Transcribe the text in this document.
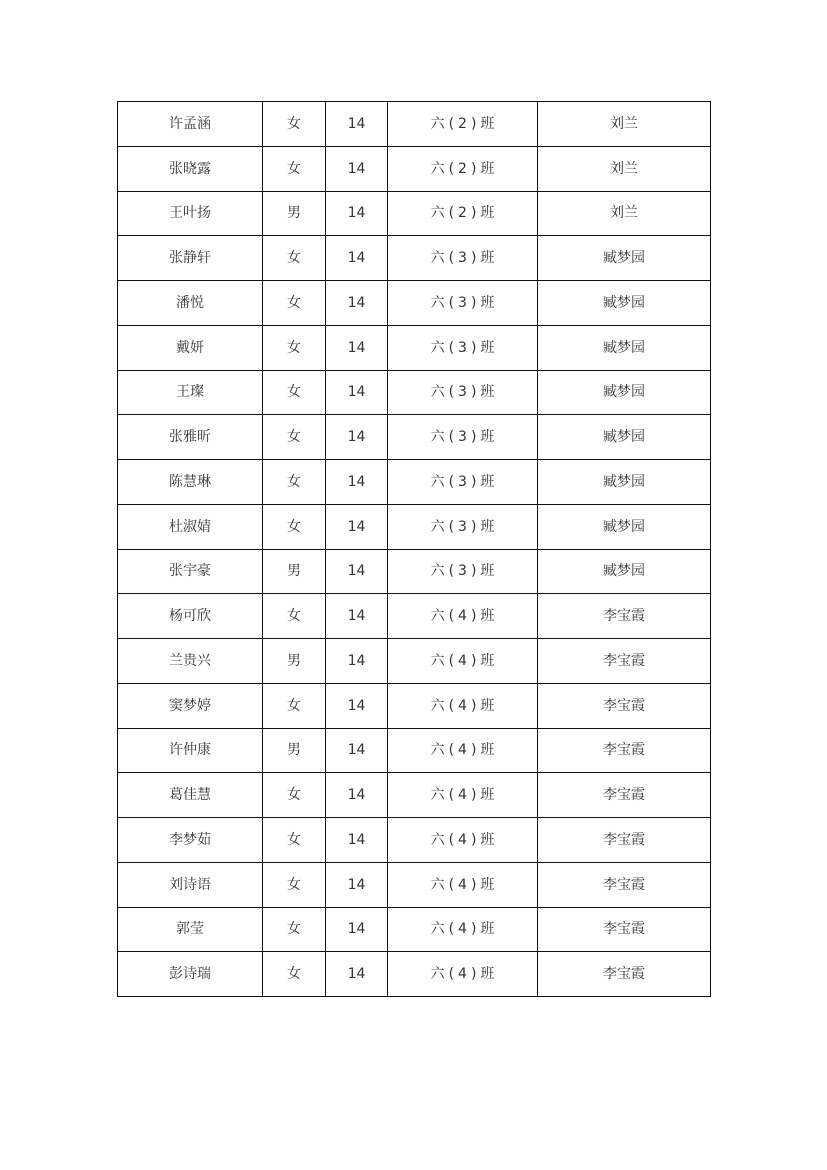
许孟涵	女	14	六 ( 2 ) 班	刘兰
张晓露	女	14	六 ( 2 ) 班	刘兰
王叶扬	男	14	六 ( 2 ) 班	刘兰
张静轩	女	14	六 ( 3 ) 班	臧梦园
潘悦	女	14	六 ( 3 ) 班	臧梦园
戴妍	女	14	六 ( 3 ) 班	臧梦园
王璨	女	14	六 ( 3 ) 班	臧梦园
张雅昕	女	14	六 ( 3 ) 班	臧梦园
陈慧琳	女	14	六 ( 3 ) 班	臧梦园
杜淑婧	女	14	六 ( 3 ) 班	臧梦园
张宇豪	男	14	六 ( 3 ) 班	臧梦园
杨可欣	女	14	六 ( 4 ) 班	李宝霞
兰贵兴	男	14	六 ( 4 ) 班	李宝霞
窦梦婷	女	14	六 ( 4 ) 班	李宝霞
许仲康	男	14	六 ( 4 ) 班	李宝霞
葛佳慧	女	14	六 ( 4 ) 班	李宝霞
李梦茹	女	14	六 ( 4 ) 班	李宝霞
刘诗语	女	14	六 ( 4 ) 班	李宝霞
郭莹	女	14	六 ( 4 ) 班	李宝霞
彭诗瑞	女	14	六 ( 4 ) 班	李宝霞
